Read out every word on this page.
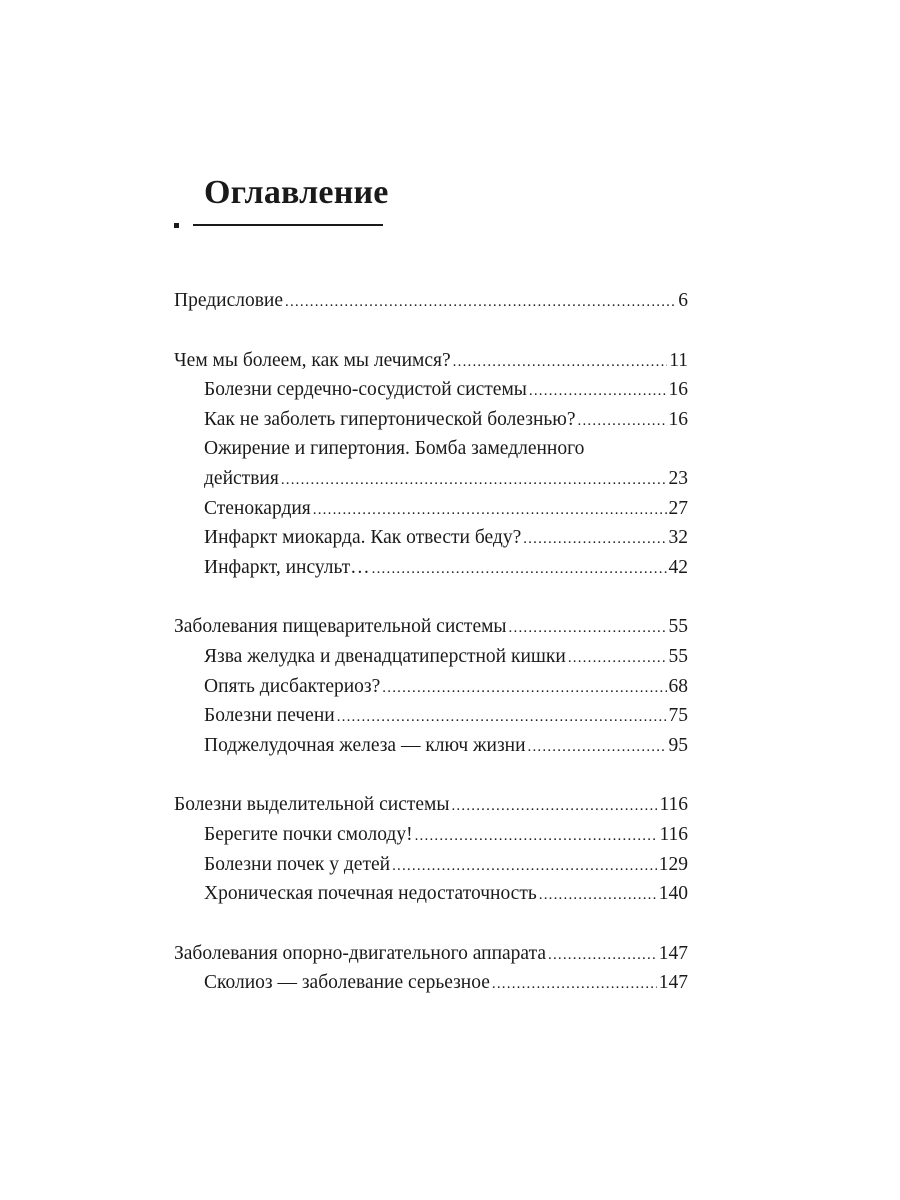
Оглавление
Предисловие .....	6
Чем мы болеем, как мы лечимся? .....	11
Болезни сердечно-сосудистой системы .....	16
Как не заболеть гипертонической болезнью? .....	16
Ожирение и гипертония. Бомба замедленного
действия .....	23
Стенокардия .....	27
Инфаркт миокарда. Как отвести беду? .....	32
Инфаркт, инсульт… .....	42
Заболевания пищеварительной системы .....	55
Язва желудка и двенадцатиперстной кишки .....	55
Опять дисбактериоз? .....	68
Болезни печени .....	75
Поджелудочная железа — ключ жизни .....	95
Болезни выделительной системы .....	116
Берегите почки смолоду! .....	116
Болезни почек у детей .....	129
Хроническая почечная недостаточность .....	140
Заболевания опорно-двигательного аппарата .....	147
Сколиоз — заболевание серьезное .....	147
